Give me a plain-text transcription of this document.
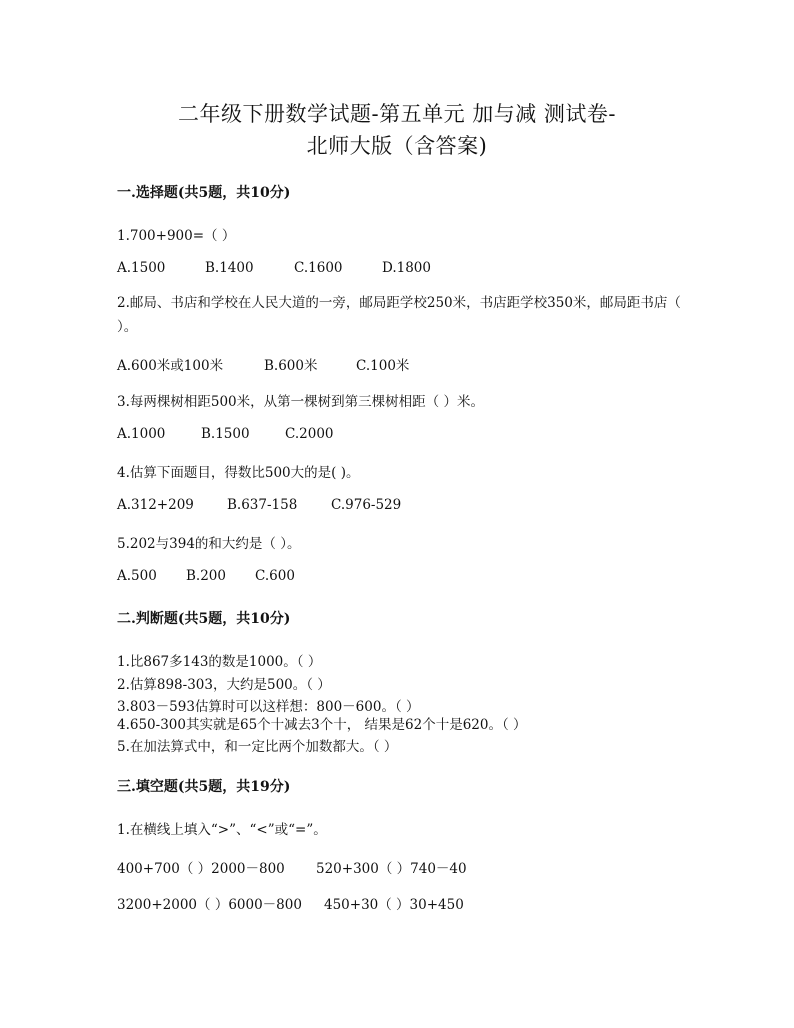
二年级下册数学试题-第五单元 加与减 测试卷-
北师大版（含答案)
一.选择题(共5题，共10分)
1.700+900=（ ）
A.1500	B.1400	C.1600	D.1800
2.邮局、书店和学校在人民大道的一旁，邮局距学校250米，书店距学校350米，邮局距书店（ ）。
A.600米或100米	B.600米	C.100米
3.每两棵树相距500米，从第一棵树到第三棵树相距（ ）米。
A.1000	B.1500	C.2000
4.估算下面题目，得数比500大的是( )。
A.312+209 B.637-158 C.976-529
5.202与394的和大约是（ ）。
A.500 B.200 C.600
二.判断题(共5题，共10分)
1.比867多143的数是1000。（ ）
2.估算898-303，大约是500。（ ）
3.803－593估算时可以这样想：800－600。（ ）
4.650-300其实就是65个十减去3个十， 结果是62个十是620。（ ）
5.在加法算式中，和一定比两个加数都大。（ ）
三.填空题(共5题，共19分)
1.在横线上填入“>”、“<”或“=”。
400+700（ ）2000－800 520+300（ ）740－40
3200+2000（ ）6000－800 450+30（ ）30+450
